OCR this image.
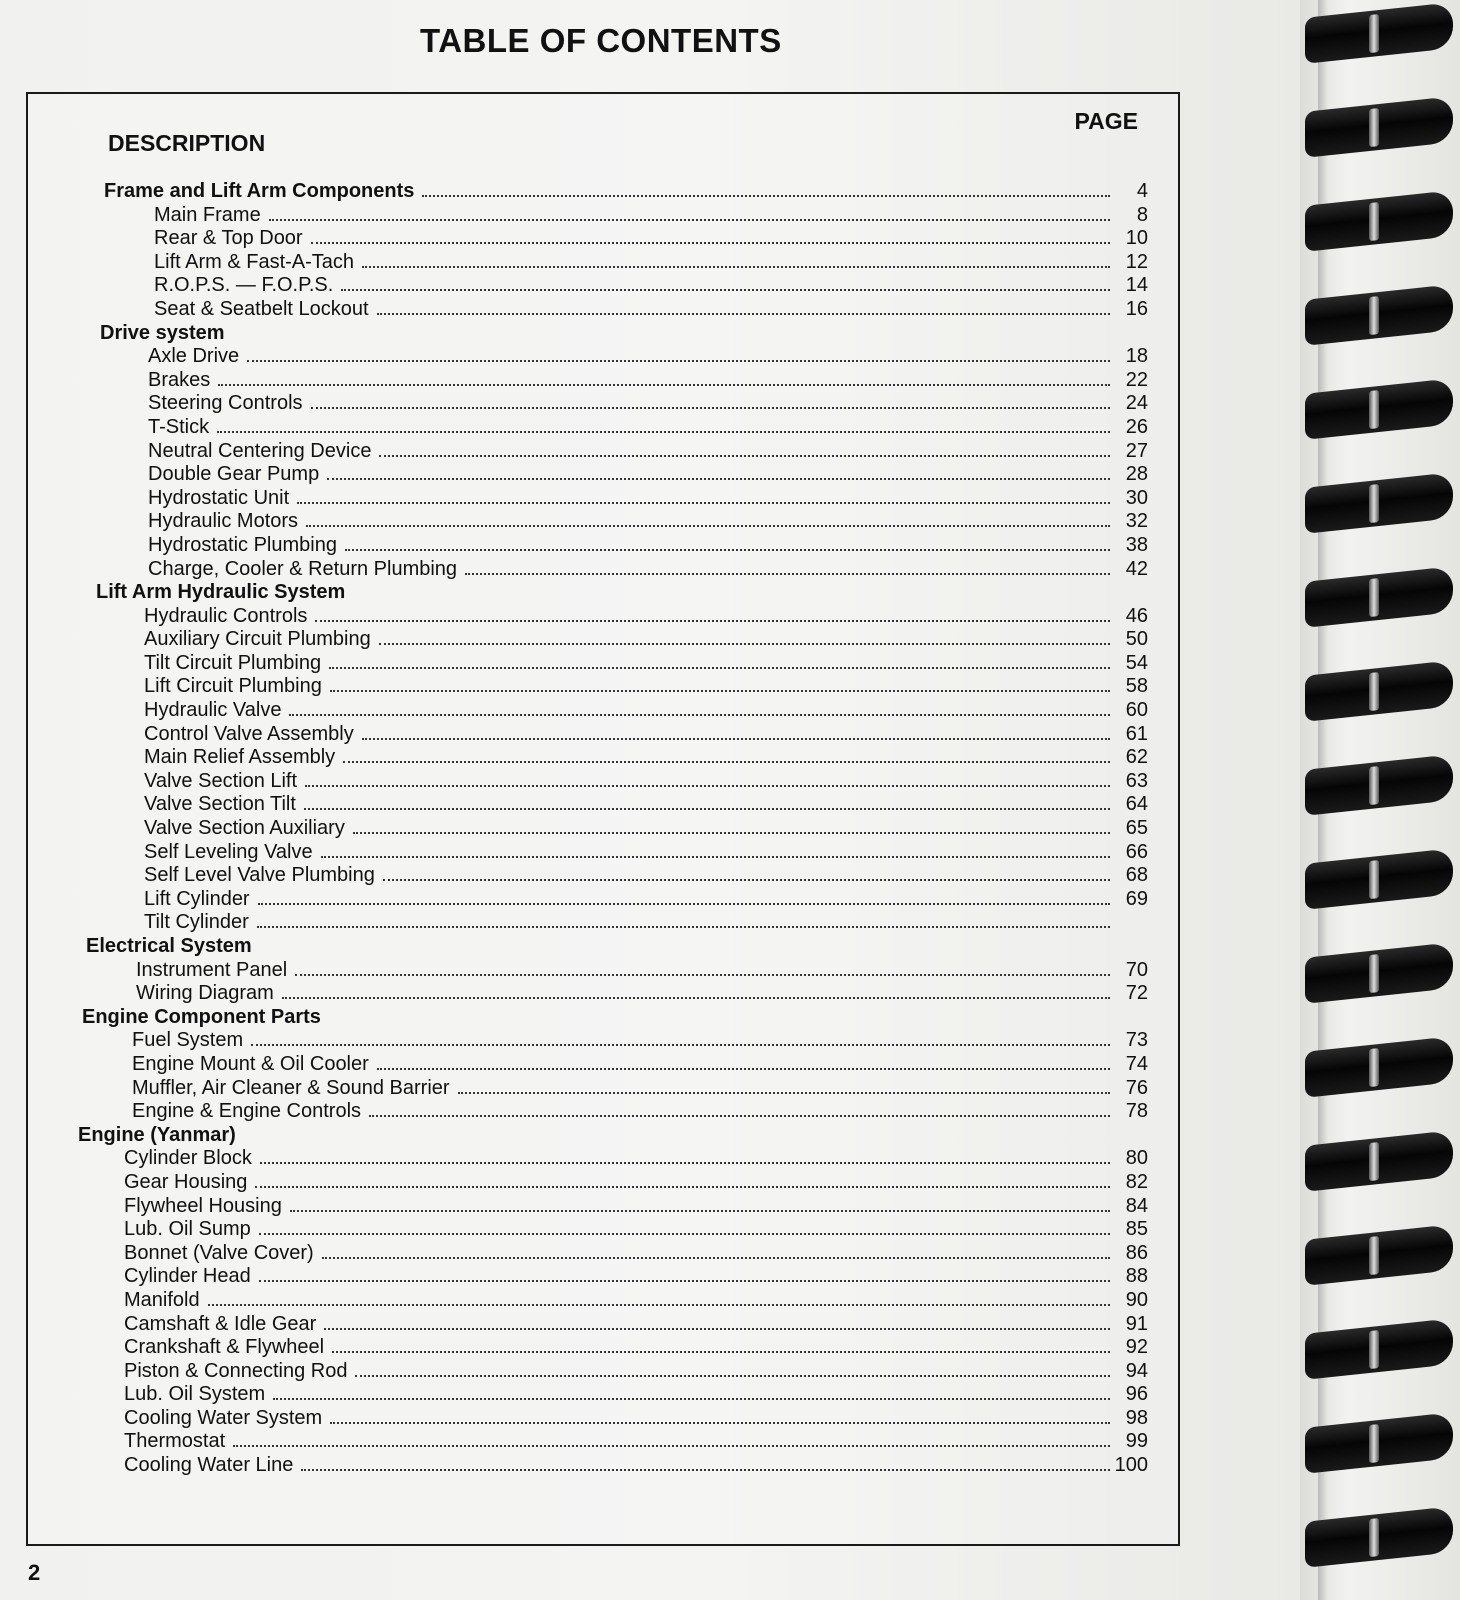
TABLE OF CONTENTS
DESCRIPTION
PAGE
Frame and Lift Arm Components	4
Main Frame	8
Rear & Top Door	10
Lift Arm & Fast-A-Tach	12
R.O.P.S. — F.O.P.S.	14
Seat & Seatbelt Lockout	16
Drive system
Axle Drive	18
Brakes	22
Steering Controls	24
T-Stick	26
Neutral Centering Device	27
Double Gear Pump	28
Hydrostatic Unit	30
Hydraulic Motors	32
Hydrostatic Plumbing	38
Charge, Cooler & Return Plumbing	42
Lift Arm Hydraulic System
Hydraulic Controls	46
Auxiliary Circuit Plumbing	50
Tilt Circuit Plumbing	54
Lift Circuit Plumbing	58
Hydraulic Valve	60
Control Valve Assembly	61
Main Relief Assembly	62
Valve Section Lift	63
Valve Section Tilt	64
Valve Section Auxiliary	65
Self Leveling Valve	66
Self Level Valve Plumbing	68
Lift Cylinder	69
Tilt Cylinder
Electrical System
Instrument Panel	70
Wiring Diagram	72
Engine Component Parts
Fuel System	73
Engine Mount & Oil Cooler	74
Muffler, Air Cleaner & Sound Barrier	76
Engine & Engine Controls	78
Engine (Yanmar)
Cylinder Block	80
Gear Housing	82
Flywheel Housing	84
Lub. Oil Sump	85
Bonnet (Valve Cover)	86
Cylinder Head	88
Manifold	90
Camshaft & Idle Gear	91
Crankshaft & Flywheel	92
Piston & Connecting Rod	94
Lub. Oil System	96
Cooling Water System	98
Thermostat	99
Cooling Water Line	100
2
